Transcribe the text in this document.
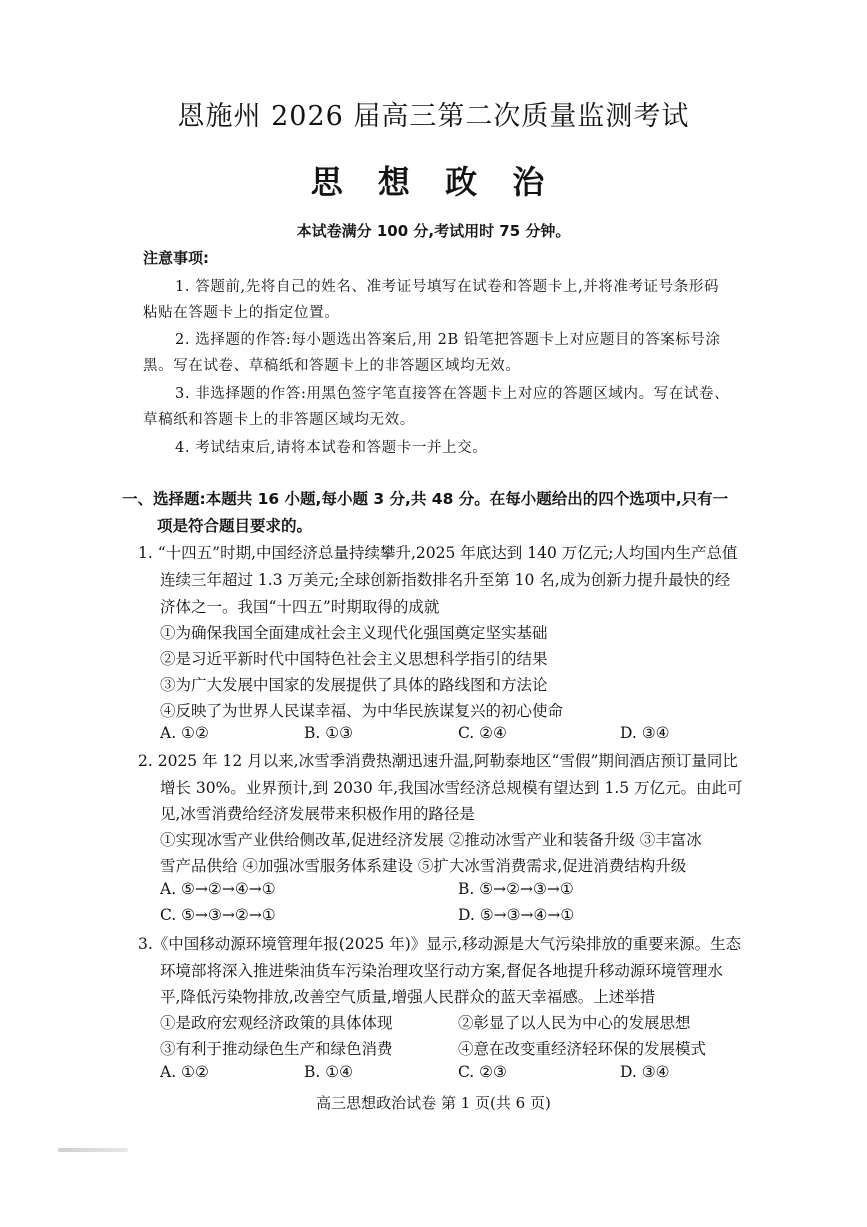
恩施州 2026 届高三第二次质量监测考试
思 想 政 治
本试卷满分 100 分,考试用时 75 分钟。
注意事项:
1. 答题前,先将自己的姓名、准考证号填写在试卷和答题卡上,并将准考证号条形码
粘贴在答题卡上的指定位置。
2. 选择题的作答:每小题选出答案后,用 2B 铅笔把答题卡上对应题目的答案标号涂
黑。写在试卷、草稿纸和答题卡上的非答题区域均无效。
3. 非选择题的作答:用黑色签字笔直接答在答题卡上对应的答题区域内。写在试卷、
草稿纸和答题卡上的非答题区域均无效。
4. 考试结束后,请将本试卷和答题卡一并上交。
一、选择题:本题共 16 小题,每小题 3 分,共 48 分。在每小题给出的四个选项中,只有一
项是符合题目要求的。
1. “十四五”时期,中国经济总量持续攀升,2025 年底达到 140 万亿元;人均国内生产总值
连续三年超过 1.3 万美元;全球创新指数排名升至第 10 名,成为创新力提升最快的经
济体之一。我国“十四五”时期取得的成就
①为确保我国全面建成社会主义现代化强国奠定坚实基础
②是习近平新时代中国特色社会主义思想科学指引的结果
③为广大发展中国家的发展提供了具体的路线图和方法论
④反映了为世界人民谋幸福、为中华民族谋复兴的初心使命
A. ①②	B. ①③	C. ②④	D. ③④
2. 2025 年 12 月以来,冰雪季消费热潮迅速升温,阿勒泰地区“雪假”期间酒店预订量同比
增长 30%。业界预计,到 2030 年,我国冰雪经济总规模有望达到 1.5 万亿元。由此可
见,冰雪消费给经济发展带来积极作用的路径是
①实现冰雪产业供给侧改革,促进经济发展 ②推动冰雪产业和装备升级 ③丰富冰
雪产品供给 ④加强冰雪服务体系建设 ⑤扩大冰雪消费需求,促进消费结构升级
A. ⑤→②→④→①	B. ⑤→②→③→①
C. ⑤→③→②→①	D. ⑤→③→④→①
3.《中国移动源环境管理年报(2025 年)》显示,移动源是大气污染排放的重要来源。生态
环境部将深入推进柴油货车污染治理攻坚行动方案,督促各地提升移动源环境管理水
平,降低污染物排放,改善空气质量,增强人民群众的蓝天幸福感。上述举措
①是政府宏观经济政策的具体体现	②彰显了以人民为中心的发展思想
③有利于推动绿色生产和绿色消费	④意在改变重经济轻环保的发展模式
A. ①②	B. ①④	C. ②③	D. ③④
高三思想政治试卷 第 1 页(共 6 页)
